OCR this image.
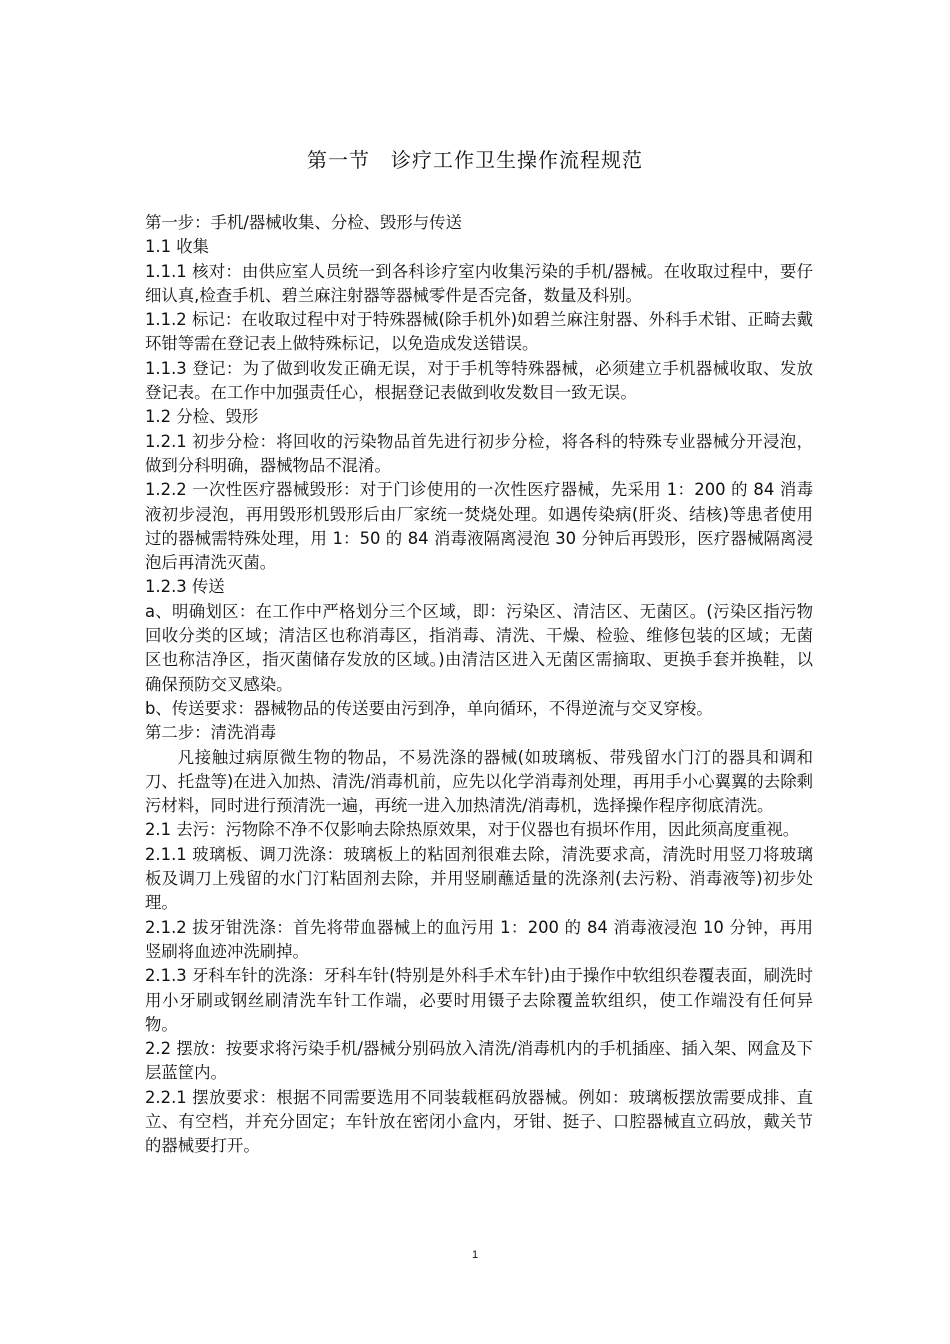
第一节　诊疗工作卫生操作流程规范

第一步：手机/器械收集、分检、毁形与传送

1.1 收集

1.1.1 核对：由供应室人员统一到各科诊疗室内收集污染的手机/器械。在收取过程中，要仔细认真,检查手机、碧兰麻注射器等器械零件是否完备，数量及科别。

1.1.2 标记：在收取过程中对于特殊器械(除手机外)如碧兰麻注射器、外科手术钳、正畸去戴环钳等需在登记表上做特殊标记，以免造成发送错误。

1.1.3 登记：为了做到收发正确无误，对于手机等特殊器械，必须建立手机器械收取、发放登记表。在工作中加强责任心，根据登记表做到收发数目一致无误。

1.2 分检、毁形

1.2.1 初步分检：将回收的污染物品首先进行初步分检，将各科的特殊专业器械分开浸泡，做到分科明确，器械物品不混淆。

1.2.2 一次性医疗器械毁形：对于门诊使用的一次性医疗器械，先采用 1：200 的 84 消毒液初步浸泡，再用毁形机毁形后由厂家统一焚烧处理。如遇传染病(肝炎、结核)等患者使用过的器械需特殊处理，用 1：50 的 84 消毒液隔离浸泡 30 分钟后再毁形，医疗器械隔离浸泡后再清洗灭菌。

1.2.3 传送

a、明确划区：在工作中严格划分三个区域，即：污染区、清洁区、无菌区。(污染区指污物回收分类的区域；清洁区也称消毒区，指消毒、清洗、干燥、检验、维修包装的区域；无菌区也称洁净区，指灭菌储存发放的区域。)由清洁区进入无菌区需摘取、更换手套并换鞋，以确保预防交叉感染。

b、传送要求：器械物品的传送要由污到净，单向循环，不得逆流与交叉穿梭。

第二步：清洗消毒

凡接触过病原微生物的物品，不易洗涤的器械(如玻璃板、带残留水门汀的器具和调和刀、托盘等)在进入加热、清洗/消毒机前，应先以化学消毒剂处理，再用手小心翼翼的去除剩污材料，同时进行预清洗一遍，再统一进入加热清洗/消毒机，选择操作程序彻底清洗。

2.1 去污：污物除不净不仅影响去除热原效果，对于仪器也有损坏作用，因此须高度重视。

2.1.1 玻璃板、调刀洗涤：玻璃板上的粘固剂很难去除，清洗要求高，清洗时用竖刀将玻璃板及调刀上残留的水门汀粘固剂去除，并用竖刷蘸适量的洗涤剂(去污粉、消毒液等)初步处理。

2.1.2 拔牙钳洗涤：首先将带血器械上的血污用 1：200 的 84 消毒液浸泡 10 分钟，再用竖刷将血迹冲洗刷掉。

2.1.3 牙科车针的洗涤：牙科车针(特别是外科手术车针)由于操作中软组织卷覆表面，刷洗时用小牙刷或钢丝刷清洗车针工作端，必要时用镊子去除覆盖软组织，使工作端没有任何异物。

2.2 摆放：按要求将污染手机/器械分别码放入清洗/消毒机内的手机插座、插入架、网盒及下层蓝筐内。

2.2.1 摆放要求：根据不同需要选用不同装载框码放器械。例如：玻璃板摆放需要成排、直立、有空档，并充分固定；车针放在密闭小盒内，牙钳、挺子、口腔器械直立码放，戴关节的器械要打开。

1
